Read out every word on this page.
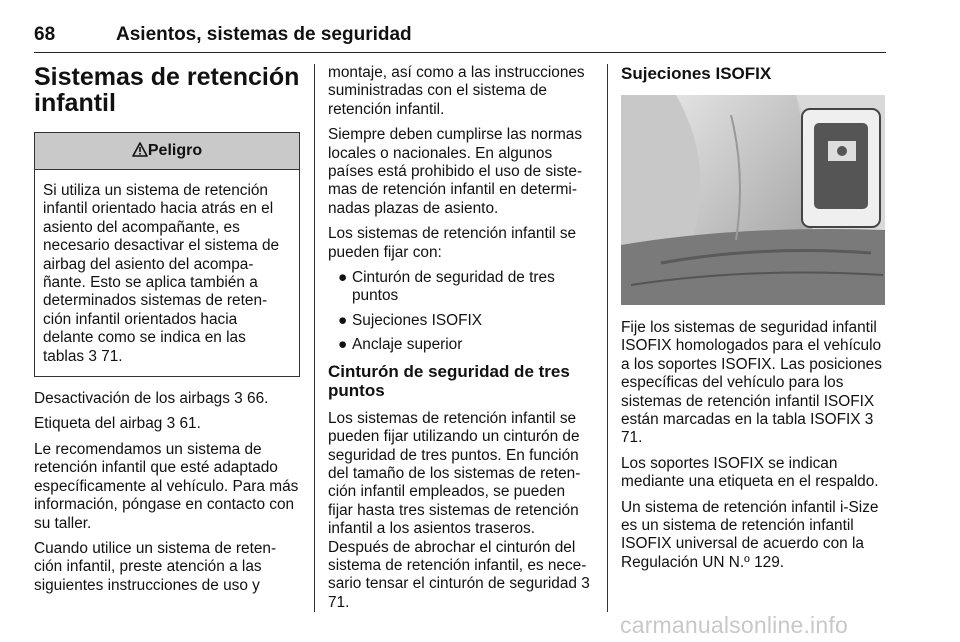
68	Asientos, sistemas de seguridad
Sistemas de retención infantil
Peligro
Si utiliza un sistema de retención infantil orientado hacia atrás en el asiento del acompañante, es necesario desactivar el sistema de airbag del asiento del acompa-ñante. Esto se aplica también a determinados sistemas de reten-ción infantil orientados hacia delante como se indica en las tablas 3 71.

Desactivación de los airbags 3 66.

Etiqueta del airbag 3 61.

Le recomendamos un sistema de retención infantil que esté adaptado específicamente al vehículo. Para más información, póngase en contacto con su taller.

Cuando utilice un sistema de reten-ción infantil, preste atención a las siguientes instrucciones de uso y

montaje, así como a las instrucciones suministradas con el sistema de retención infantil.

Siempre deben cumplirse las normas locales o nacionales. En algunos países está prohibido el uso de siste-mas de retención infantil en determi-nadas plazas de asiento.

Los sistemas de retención infantil se pueden fijar con:

● Cinturón de seguridad de tres puntos
● Sujeciones ISOFIX
● Anclaje superior
Cinturón de seguridad de tres puntos

Los sistemas de retención infantil se pueden fijar utilizando un cinturón de seguridad de tres puntos. En función del tamaño de los sistemas de reten-ción infantil empleados, se pueden fijar hasta tres sistemas de retención infantil a los asientos traseros. Después de abrochar el cinturón del sistema de retención infantil, es nece-sario tensar el cinturón de seguridad 3 71.

Sujeciones ISOFIX

Fije los sistemas de seguridad infantil ISOFIX homologados para el vehículo a los soportes ISOFIX. Las posiciones específicas del vehículo para los sistemas de retención infantil ISOFIX están marcadas en la tabla ISOFIX 3 71.

Los soportes ISOFIX se indican mediante una etiqueta en el respaldo.

Un sistema de retención infantil i-Size es un sistema de retención infantil ISOFIX universal de acuerdo con la Regulación UN N.º 129.

carmanualsonline.info
